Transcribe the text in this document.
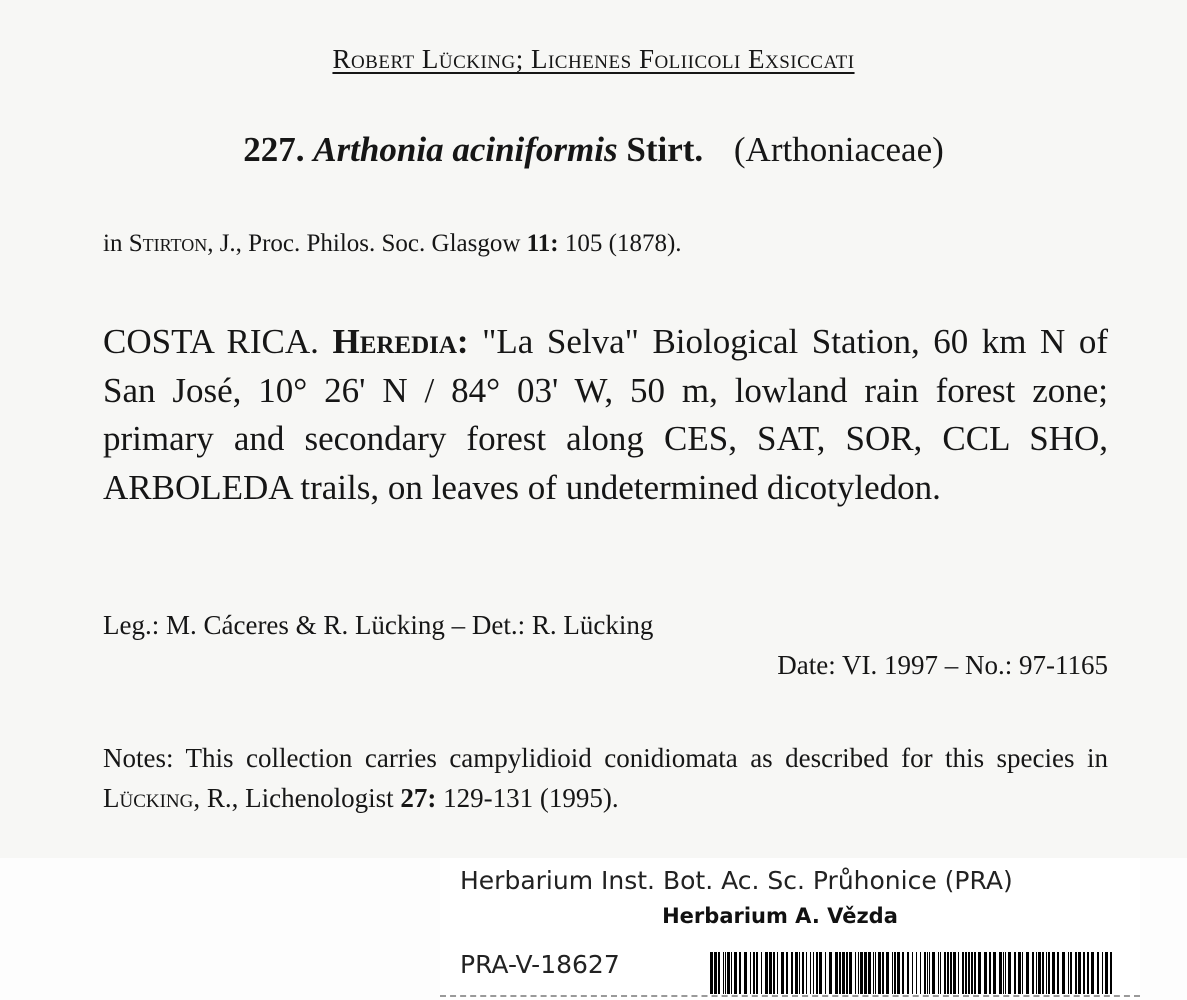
Robert Lücking; Lichenes Foliicoli Exsiccati
227. Arthonia aciniformis Stirt. (Arthoniaceae)
in Stirton, J., Proc. Philos. Soc. Glasgow 11: 105 (1878).
COSTA RICA. Heredia: "La Selva" Biological Station, 60 km N of San José, 10° 26' N / 84° 03' W, 50 m, lowland rain forest zone; primary and secondary forest along CES, SAT, SOR, CCL SHO, ARBOLEDA trails, on leaves of undetermined dicotyledon.
Leg.: M. Cáceres & R. Lücking – Det.: R. Lücking
Date: VI. 1997 – No.: 97-1165
Notes: This collection carries campylidioid conidiomata as described for this species in Lücking, R., Lichenologist 27: 129-131 (1995).
Herbarium Inst. Bot. Ac. Sc. Průhonice (PRA)
Herbarium A. Vězda
PRA-V-18627
